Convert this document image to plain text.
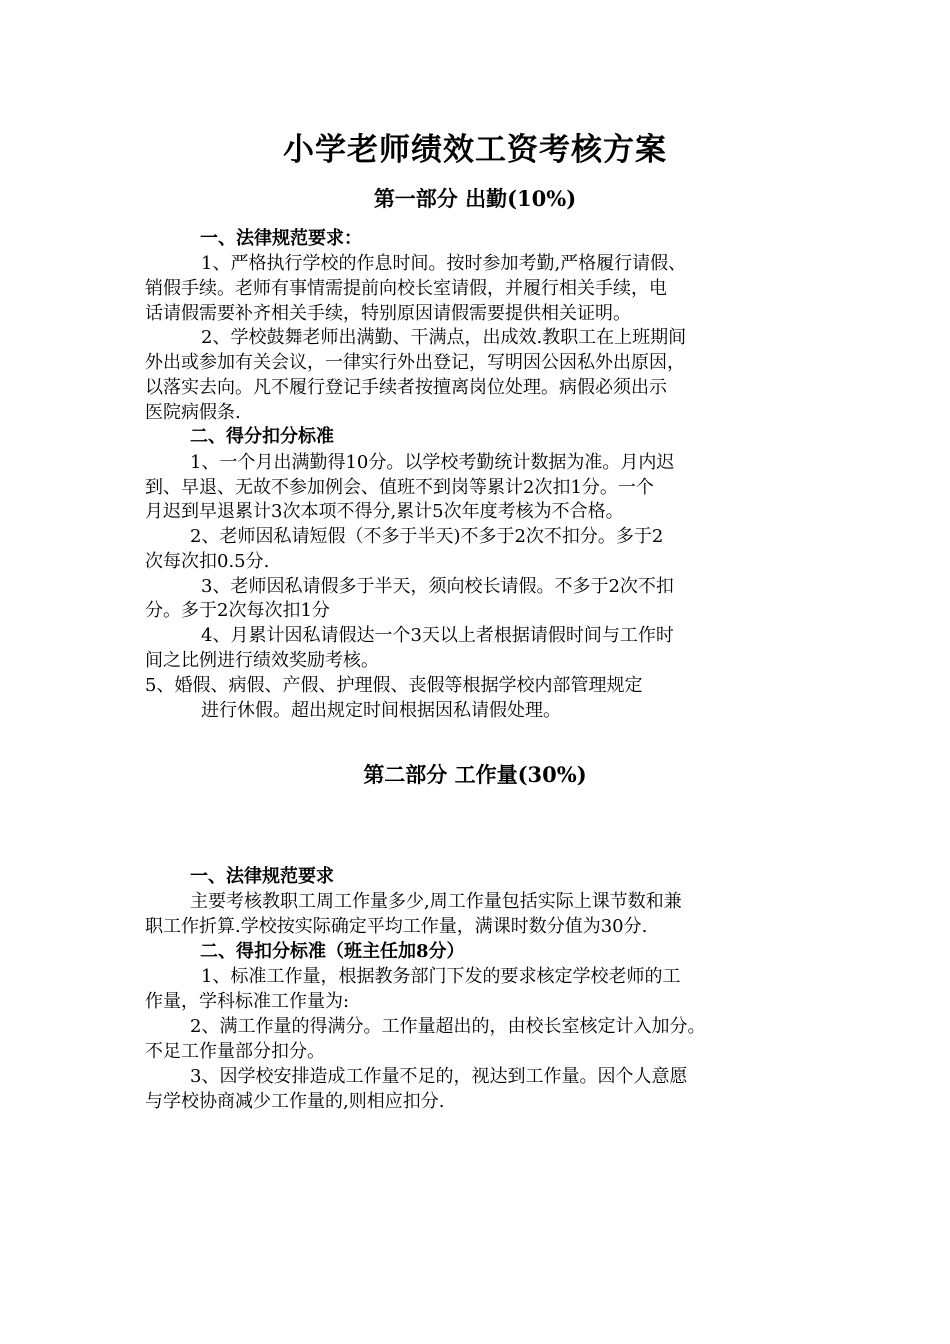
小学老师绩效工资考核方案
第一部分 出勤(10%)
一、法律规范要求：
1、严格执行学校的作息时间。按时参加考勤,严格履行请假、
销假手续。老师有事情需提前向校长室请假，并履行相关手续，电
话请假需要补齐相关手续，特别原因请假需要提供相关证明。
2、学校鼓舞老师出满勤、干满点，出成效.教职工在上班期间
外出或参加有关会议，一律实行外出登记，写明因公因私外出原因，
以落实去向。凡不履行登记手续者按擅离岗位处理。病假必须出示
医院病假条.
二、得分扣分标准
1、一个月出满勤得10分。以学校考勤统计数据为准。月内迟
到、早退、无故不参加例会、值班不到岗等累计2次扣1分。一个
月迟到早退累计3次本项不得分,累计5次年度考核为不合格。
2、老师因私请短假（不多于半天)不多于2次不扣分。多于2
次每次扣0.5分.
3、老师因私请假多于半天，须向校长请假。不多于2次不扣
分。多于2次每次扣1分
4、月累计因私请假达一个3天以上者根据请假时间与工作时
间之比例进行绩效奖励考核。
5、婚假、病假、产假、护理假、丧假等根据学校内部管理规定
进行休假。超出规定时间根据因私请假处理。
第二部分 工作量(30%)
一、法律规范要求
主要考核教职工周工作量多少,周工作量包括实际上课节数和兼
职工作折算.学校按实际确定平均工作量，满课时数分值为30分.
二、得扣分标准（班主任加8分）
1、标准工作量，根据教务部门下发的要求核定学校老师的工
作量，学科标准工作量为:
2、满工作量的得满分。工作量超出的，由校长室核定计入加分。
不足工作量部分扣分。
3、因学校安排造成工作量不足的，视达到工作量。因个人意愿
与学校协商减少工作量的,则相应扣分.
